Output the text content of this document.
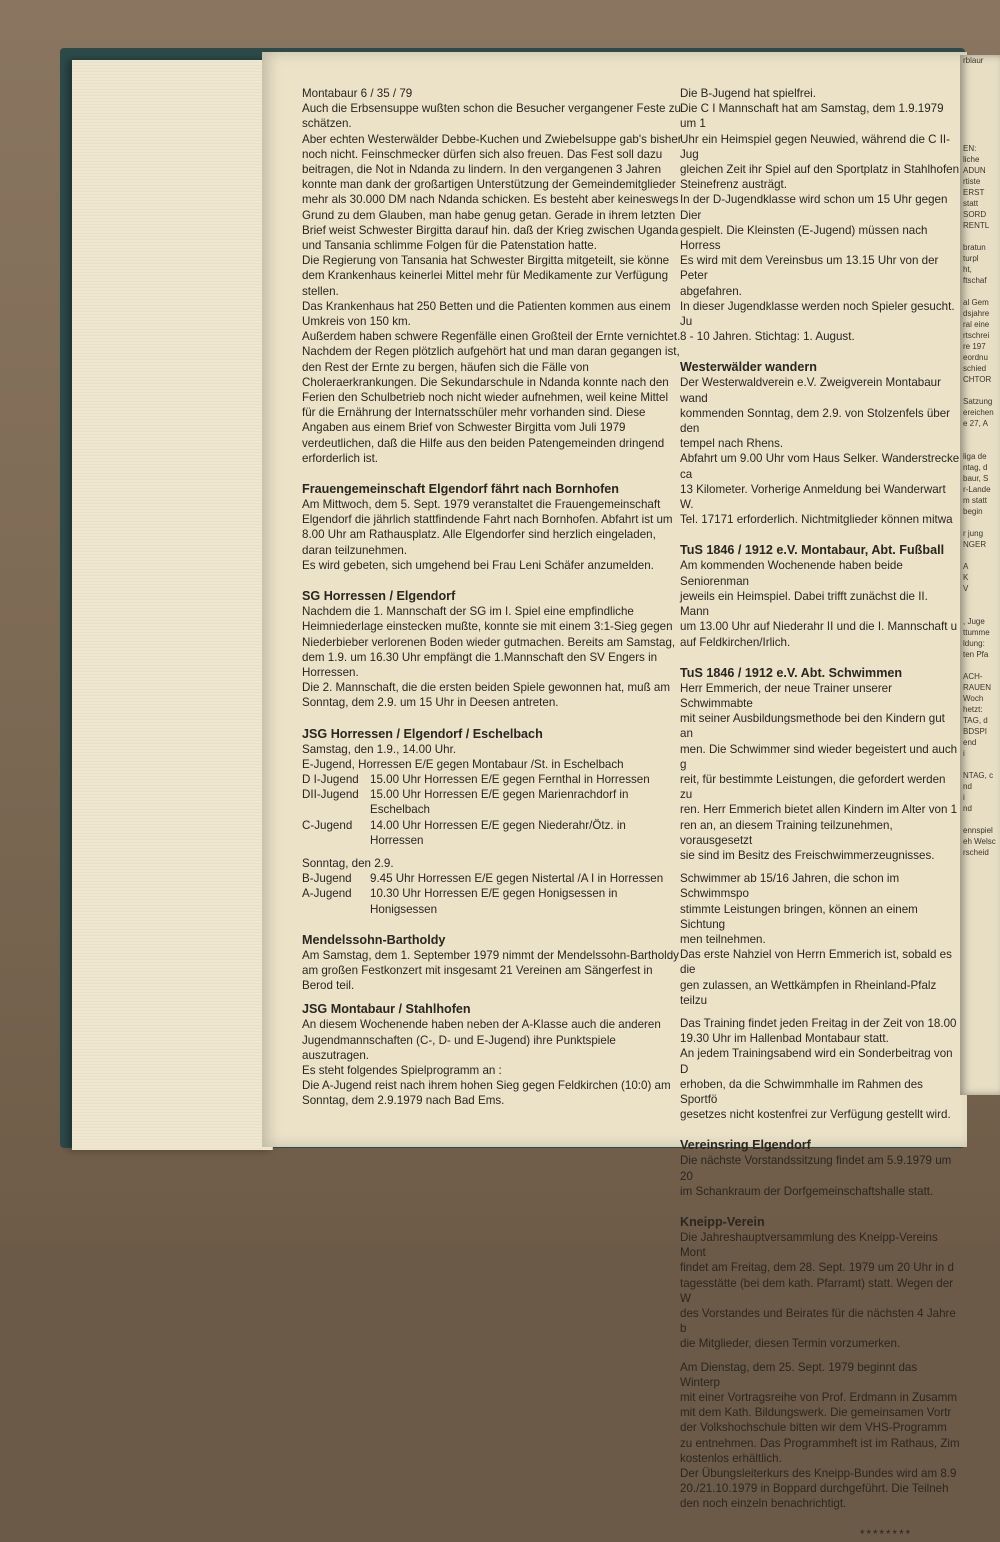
Montabaur 6 / 35 / 79
Auch die Erbsensuppe wußten schon die Besucher vergangener Feste zu schätzen.
Aber echten Westerwälder Debbe-Kuchen und Zwiebelsuppe gab's bisher noch nicht. Feinschmecker dürfen sich also freuen. Das Fest soll dazu beitragen, die Not in Ndanda zu lindern. In den vergangenen 3 Jahren konnte man dank der großartigen Unterstützung der Gemeindemitglieder mehr als 30.000 DM nach Ndanda schicken. Es besteht aber keineswegs Grund zu dem Glauben, man habe genug getan. Gerade in ihrem letzten Brief weist Schwester Birgitta darauf hin. daß der Krieg zwischen Uganda und Tansania schlimme Folgen für die Patenstation hatte.
Die Regierung von Tansania hat Schwester Birgitta mitgeteilt, sie könne dem Krankenhaus keinerlei Mittel mehr für Medikamente zur Verfügung stellen.
Das Krankenhaus hat 250 Betten und die Patienten kommen aus einem Umkreis von 150 km.
Außerdem haben schwere Regenfälle einen Großteil der Ernte vernichtet. Nachdem der Regen plötzlich aufgehört hat und man daran gegangen ist, den Rest der Ernte zu bergen, häufen sich die Fälle von Choleraerkrankungen. Die Sekundarschule in Ndanda konnte nach den Ferien den Schulbetrieb noch nicht wieder aufnehmen, weil keine Mittel für die Ernährung der Internatsschüler mehr vorhanden sind. Diese Angaben aus einem Brief von Schwester Birgitta vom Juli 1979 verdeutlichen, daß die Hilfe aus den beiden Patengemeinden dringend erforderlich ist.
Frauengemeinschaft Elgendorf fährt nach Bornhofen
Am Mittwoch, dem 5. Sept. 1979 veranstaltet die Frauengemeinschaft Elgendorf die jährlich stattfindende Fahrt nach Bornhofen. Abfahrt ist um 8.00 Uhr am Rathausplatz. Alle Elgendorfer sind herzlich eingeladen, daran teilzunehmen.
Es wird gebeten, sich umgehend bei Frau Leni Schäfer anzumelden.
SG Horressen / Elgendorf
Nachdem die 1. Mannschaft der SG im I. Spiel eine empfindliche Heimniederlage einstecken mußte, konnte sie mit einem 3:1-Sieg gegen Niederbieber verlorenen Boden wieder gutmachen. Bereits am Samstag, dem 1.9. um 16.30 Uhr empfängt die 1.Mannschaft den SV Engers in Horressen.
Die 2. Mannschaft, die die ersten beiden Spiele gewonnen hat, muß am Sonntag, dem 2.9. um 15 Uhr in Deesen antreten.
JSG Horressen / Elgendorf / Eschelbach
Samstag, den 1.9., 14.00 Uhr.
E-Jugend, Horressen E/E gegen Montabaur /St. in Eschelbach
D I-Jugend 15.00 Uhr Horressen E/E gegen Fernthal in Horressen
DII-Jugend 15.00 Uhr Horressen E/E gegen Marienrachdorf in Eschelbach
C-Jugend	14.00 Uhr Horressen E/E gegen Niederahr/Ötz. in Horressen
Sonntag, den 2.9.
B-Jugend	9.45 Uhr Horressen E/E gegen Nistertal /A I in Horressen
A-Jugend	10.30 Uhr Horressen E/E gegen Honigsessen in Honigsessen
Mendelssohn-Bartholdy
Am Samstag, dem 1. September 1979 nimmt der Mendelssohn-Bartholdy am großen Festkonzert mit insgesamt 21 Vereinen am Sängerfest in Berod teil.
JSG Montabaur / Stahlhofen
An diesem Wochenende haben neben der A-Klasse auch die anderen Jugendmannschaften (C-, D- und E-Jugend) ihre Punktspiele auszutragen.
Es steht folgendes Spielprogramm an :
Die A-Jugend reist nach ihrem hohen Sieg gegen Feldkirchen (10:0) am Sonntag, dem 2.9.1979 nach Bad Ems.
Die B-Jugend hat spielfrei.
Die C I Mannschaft hat am Samstag, dem 1.9.1979 um 1
Uhr ein Heimspiel gegen Neuwied, während die C II-Jug
gleichen Zeit ihr Spiel auf den Sportplatz in Stahlhofen
Steinefrenz austrägt.
In der D-Jugendklasse wird schon um 15 Uhr gegen Dier
gespielt. Die Kleinsten (E-Jugend) müssen nach Horress
Es wird mit dem Vereinsbus um 13.15 Uhr von der Peter
abgefahren.
In dieser Jugendklasse werden noch Spieler gesucht. Ju
8 - 10 Jahren. Stichtag: 1. August.
Westerwälder wandern
Der Westerwaldverein e.V. Zweigverein Montabaur wand
kommenden Sonntag, dem 2.9. von Stolzenfels über den
tempel nach Rhens.
Abfahrt um 9.00 Uhr vom Haus Selker. Wanderstrecke ca
13 Kilometer. Vorherige Anmeldung bei Wanderwart W.
Tel. 17171 erforderlich. Nichtmitglieder können mitwa
TuS 1846 / 1912 e.V. Montabaur, Abt. Fußball
Am kommenden Wochenende haben beide Seniorenman
jeweils ein Heimspiel. Dabei trifft zunächst die II. Mann
um 13.00 Uhr auf Niederahr II und die I. Mannschaft u
auf Feldkirchen/Irlich.
TuS 1846 / 1912 e.V. Abt. Schwimmen
Herr Emmerich, der neue Trainer unserer Schwimmabte
mit seiner Ausbildungsmethode bei den Kindern gut an
men. Die Schwimmer sind wieder begeistert und auch g
reit, für bestimmte Leistungen, die gefordert werden zu
ren. Herr Emmerich bietet allen Kindern im Alter von 1
ren an, an diesem Training teilzunehmen, vorausgesetzt
sie sind im Besitz des Freischwimmerzeugnisses.
Schwimmer ab 15/16 Jahren, die schon im Schwimmspo
stimmte Leistungen bringen, können an einem Sichtung
men teilnehmen.
Das erste Nahziel von Herrn Emmerich ist, sobald es die
gen zulassen, an Wettkämpfen in Rheinland-Pfalz teilzu
Das Training findet jeden Freitag in der Zeit von 18.00
19.30 Uhr im Hallenbad Montabaur statt.
An jedem Trainingsabend wird ein Sonderbeitrag von D
erhoben, da die Schwimmhalle im Rahmen des Sportfö
gesetzes nicht kostenfrei zur Verfügung gestellt wird.
Vereinsring Elgendorf
Die nächste Vorstandssitzung findet am 5.9.1979 um 20
im Schankraum der Dorfgemeinschaftshalle statt.
Kneipp-Verein
Die Jahreshauptversammlung des Kneipp-Vereins Mont
findet am Freitag, dem 28. Sept. 1979 um 20 Uhr in d
tagesstätte (bei dem kath. Pfarramt) statt. Wegen der W
des Vorstandes und Beirates für die nächsten 4 Jahre b
die Mitglieder, diesen Termin vorzumerken.
Am Dienstag, dem 25. Sept. 1979 beginnt das Winterp
mit einer Vortragsreihe von Prof. Erdmann in Zusamm
mit dem Kath. Bildungswerk. Die gemeinsamen Vortr
der Volkshochschule bitten wir dem VHS-Programm
zu entnehmen. Das Programmheft ist im Rathaus, Zim
kostenlos erhältlich.
Der Übungsleiterkurs des Kneipp-Bundes wird am 8.9
20./21.10.1979 in Boppard durchgeführt. Die Teilneh
den noch einzeln benachrichtigt.
********
rblaur

EN:
liche
ADUN
rtiste
ERST
statt
SORD
RENTL

bratun
turpl
ht,
ftschaf

al Gem
dsjahre
ral eine
rtschrei
re 197
eordnu
schied
CHTOR

Satzung
ereichen
e 27, A

liga de
ntag, d
baur, S
r-Lande
m statt
begin

r jung
NGER

A
K
V

, Juge
ttumme
ldung:
ten Pfa

ACH-
RAUEN
Woch
hetzt:
TAG, d
BDSPI
end
i

NTAG, c
nd
i
nd

ennspiel
eh Welsc
rscheid
